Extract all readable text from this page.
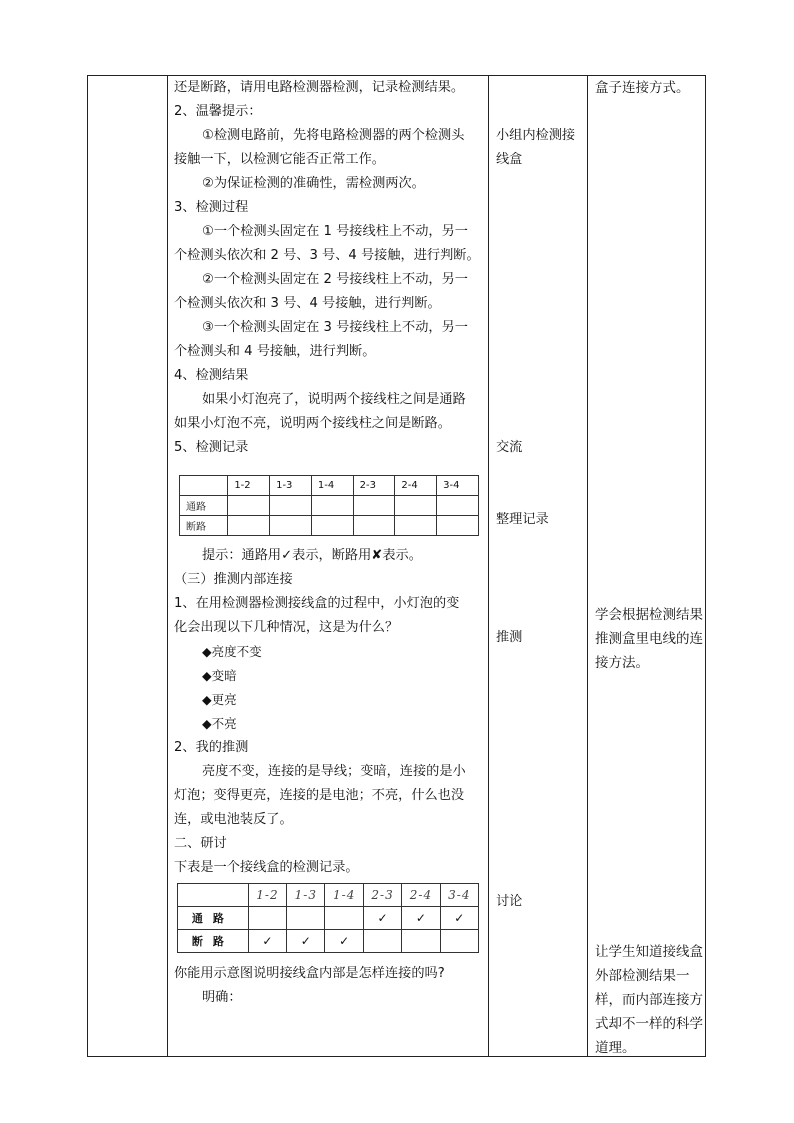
还是断路，请用电路检测器检测，记录检测结果。
2、温馨提示：
①检测电路前，先将电路检测器的两个检测头
接触一下，以检测它能否正常工作。
②为保证检测的准确性，需检测两次。
3、检测过程
①一个检测头固定在 1 号接线柱上不动，另一
个检测头依次和 2 号、3 号、4 号接触，进行判断。
②一个检测头固定在 2 号接线柱上不动，另一
个检测头依次和 3 号、4 号接触，进行判断。
③一个检测头固定在 3 号接线柱上不动，另一
个检测头和 4 号接触，进行判断。
4、检测结果
如果小灯泡亮了，说明两个接线柱之间是通路
如果小灯泡不亮，说明两个接线柱之间是断路。
5、检测记录
	1-2	1-3	1-4	2-3	2-4	3-4
通路						
断路						
提示：通路用✓表示，断路用✘表示。
（三）推测内部连接
1、在用检测器检测接线盒的过程中，小灯泡的变
化会出现以下几种情况，这是为什么？
◆亮度不变
◆变暗
◆更亮
◆不亮
2、我的推测
亮度不变，连接的是导线；变暗，连接的是小
灯泡；变得更亮，连接的是电池；不亮，什么也没
连，或电池装反了。
二、研讨
下表是一个接线盒的检测记录。
	1-2	1-3	1-4	2-3	2-4	3-4
通路				✓	✓	✓
断路	✓	✓	✓			
你能用示意图说明接线盒内部是怎样连接的吗?
明确：
小组内检测接
线盒
交流
整理记录
推测
讨论
盒子连接方式。
学会根据检测结果推测盒里电线的连接方法。
让学生知道接线盒外部检测结果一样，而内部连接方式却不一样的科学道理。
